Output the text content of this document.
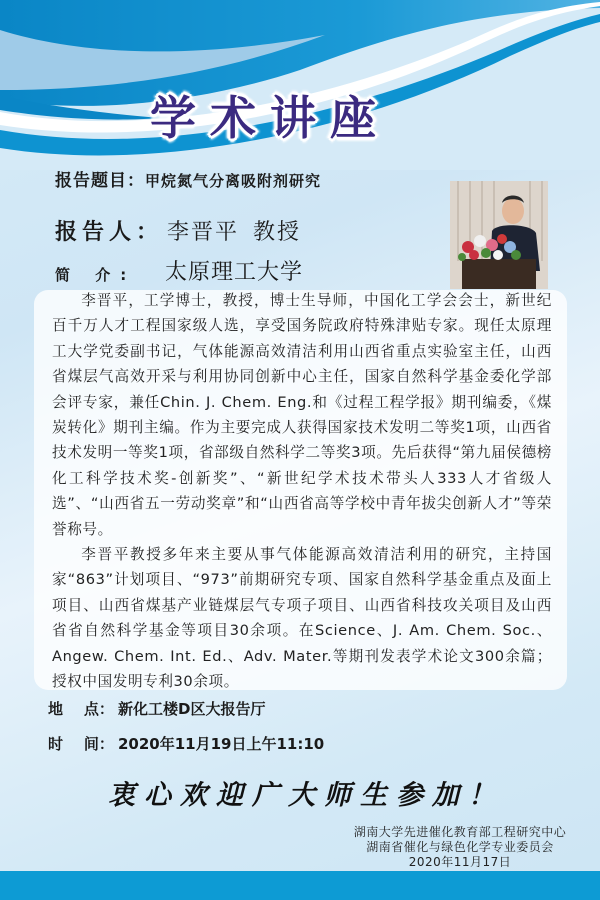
学术讲座
报告题目： 甲烷氮气分离吸附剂研究
报告人： 李晋平 教授
简 介: 太原理工大学

李晋平，工学博士，教授，博士生导师，中国化工学会会士，新世纪百千万人才工程国家级人选，享受国务院政府特殊津贴专家。现任太原理工大学党委副书记，气体能源高效清洁利用山西省重点实验室主任，山西省煤层气高效开采与利用协同创新中心主任，国家自然科学基金委化学部会评专家，兼任Chin. J. Chem. Eng.和《过程工程学报》期刊编委，《煤炭转化》期刊主编。作为主要完成人获得国家技术发明二等奖1项，山西省技术发明一等奖1项，省部级自然科学二等奖3项。先后获得“第九届侯德榜化工科学技术奖-创新奖”、“新世纪学术技术带头人333人才省级人选”、“山西省五一劳动奖章”和“山西省高等学校中青年拔尖创新人才”等荣誉称号。

李晋平教授多年来主要从事气体能源高效清洁利用的研究，主持国家“863”计划项目、“973”前期研究专项、国家自然科学基金重点及面上项目、山西省煤基产业链煤层气专项子项目、山西省科技攻关项目及山西省省自然科学基金等项目30余项。在Science、J. Am. Chem. Soc.、Angew. Chem. Int. Ed.、Adv. Mater.等期刊发表学术论文300余篇；授权中国发明专利30余项。

地    点： 新化工楼D区大报告厅
时    间： 2020年11月19日上午11:10
衷心欢迎广大师生参加！
湖南大学先进催化教育部工程研究中心
湖南省催化与绿色化学专业委员会
2020年11月17日
